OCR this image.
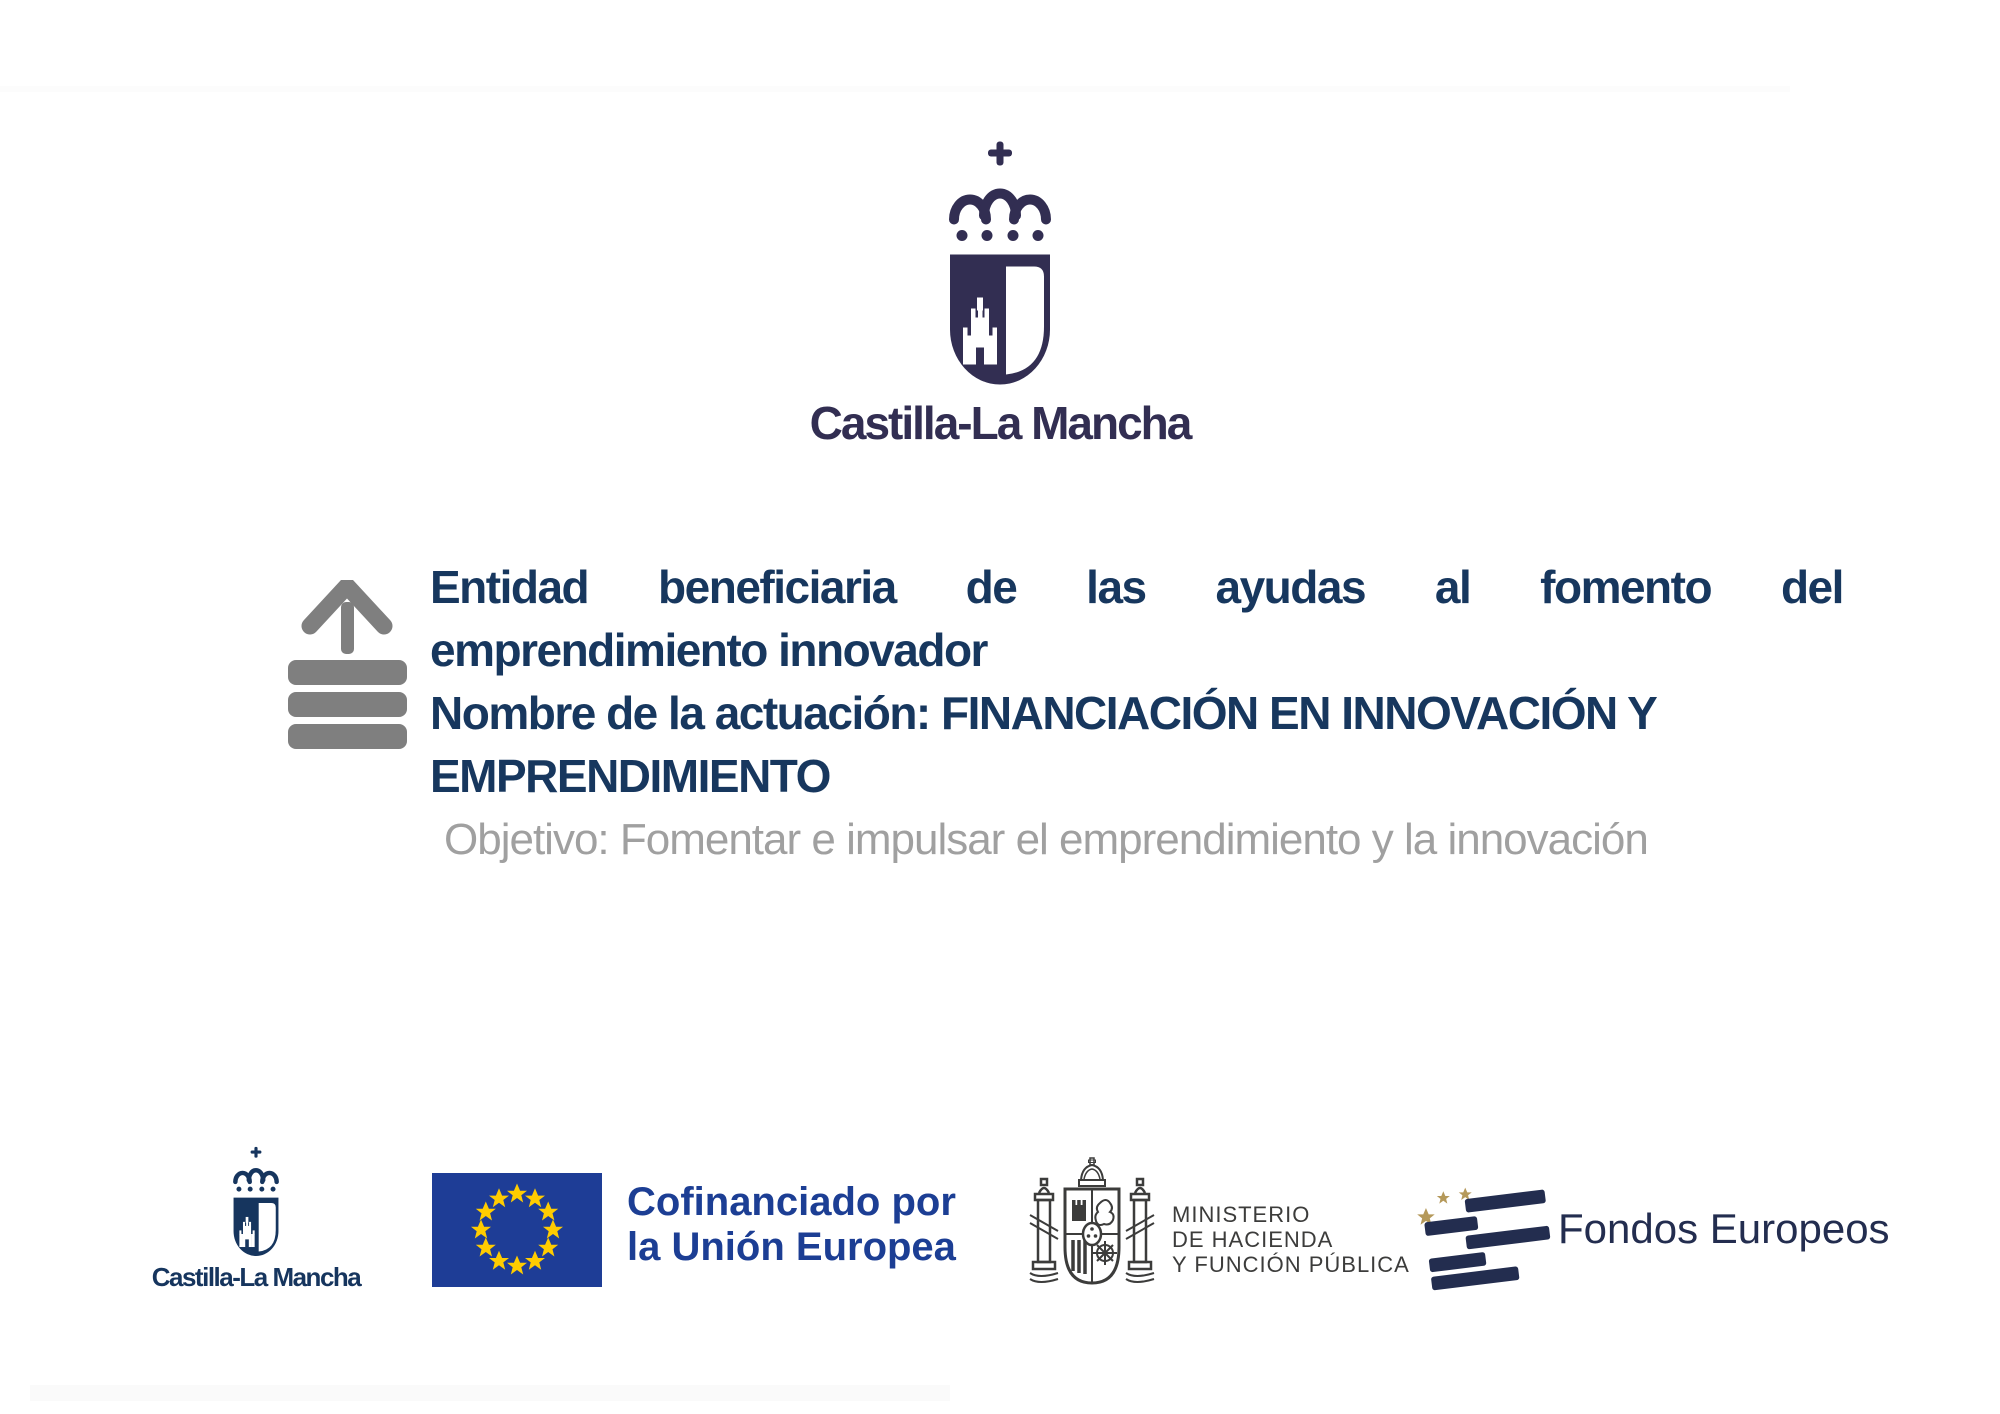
Castilla-La Mancha
Entidad beneficiaria de las ayudas al fomento del
emprendimiento innovador
Nombre de la actuación: FINANCIACIÓN EN INNOVACIÓN Y
EMPRENDIMIENTO
Objetivo: Fomentar e impulsar el emprendimiento y la innovación
Castilla-La Mancha
Cofinanciado por
la Unión Europea
MINISTERIO
DE HACIENDA
Y FUNCIÓN PÚBLICA
Fondos Europeos
